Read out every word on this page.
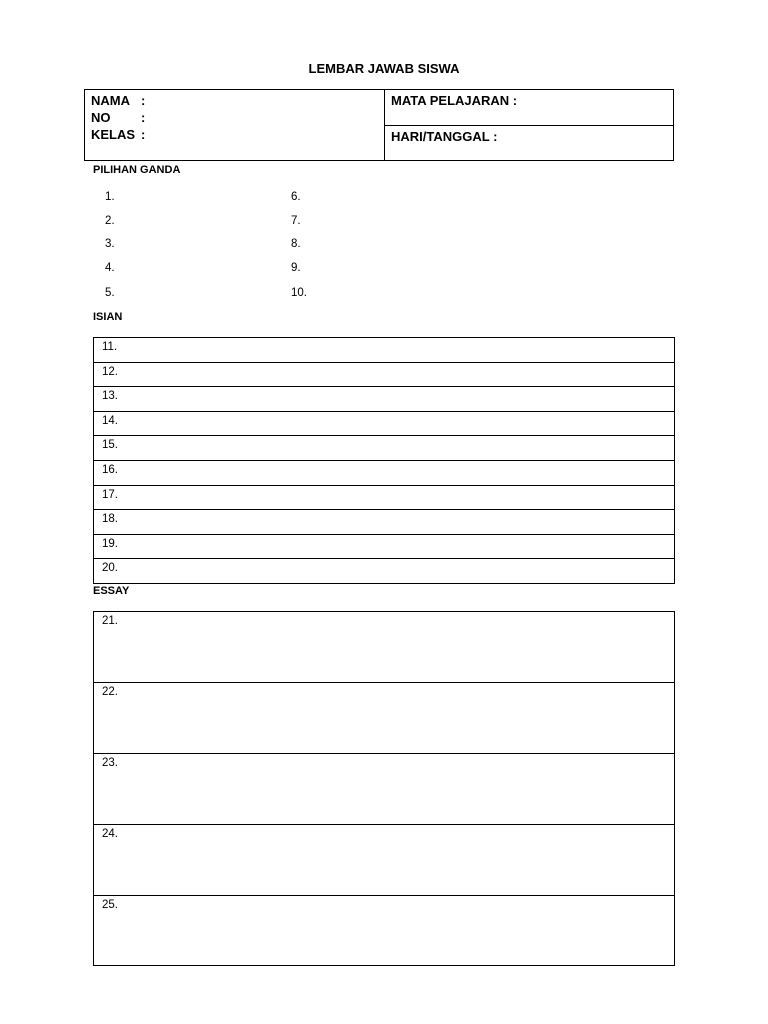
LEMBAR JAWAB SISWA
NAMA :
NO	:
KELAS :
MATA PELAJARAN :
HARI/TANGGAL :
PILIHAN GANDA
1.
2.
3.
4.
5.
6.
7.
8.
9.
10.
ISIAN
11.
12.
13.
14.
15.
16.
17.
18.
19.
20.
ESSAY
21.
22.
23.
24.
25.
